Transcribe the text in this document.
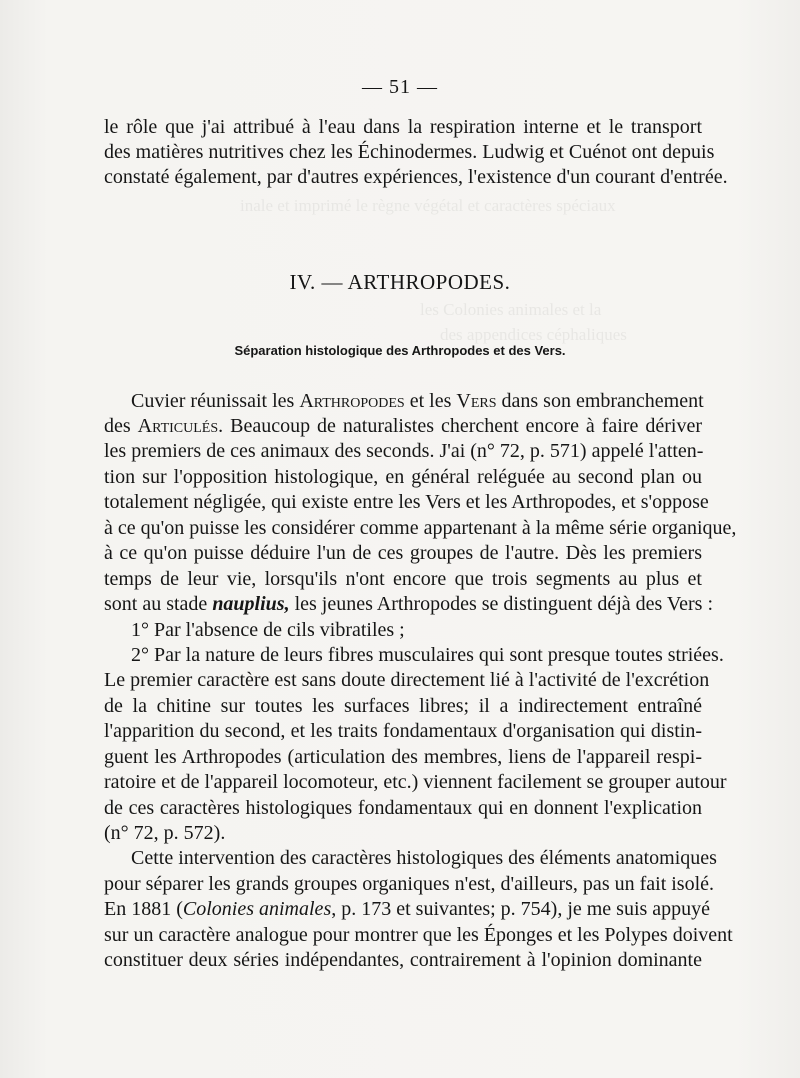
inale et imprimé le règne végétal et caractères spéciaux
les Colonies animales et la
des appendices céphaliques
— 51 —
le rôle que j'ai attribué à l'eau dans la respiration interne et le transport
des matières nutritives chez les Échinodermes. Ludwig et Cuénot ont depuis
constaté également, par d'autres expériences, l'existence d'un courant d'entrée.
IV. — ARTHROPODES.
Séparation histologique des Arthropodes et des Vers.
Cuvier réunissait les Arthropodes et les Vers dans son embranchement
des Articulés. Beaucoup de naturalistes cherchent encore à faire dériver
les premiers de ces animaux des seconds. J'ai (n° 72, p. 571) appelé l'atten-
tion sur l'opposition histologique, en général reléguée au second plan ou
totalement négligée, qui existe entre les Vers et les Arthropodes, et s'oppose
à ce qu'on puisse les considérer comme appartenant à la même série organique,
à ce qu'on puisse déduire l'un de ces groupes de l'autre. Dès les premiers
temps de leur vie, lorsqu'ils n'ont encore que trois segments au plus et
sont au stade nauplius, les jeunes Arthropodes se distinguent déjà des Vers :
1° Par l'absence de cils vibratiles ;
2° Par la nature de leurs fibres musculaires qui sont presque toutes striées.
Le premier caractère est sans doute directement lié à l'activité de l'excrétion
de la chitine sur toutes les surfaces libres; il a indirectement entraîné
l'apparition du second, et les traits fondamentaux d'organisation qui distin-
guent les Arthropodes (articulation des membres, liens de l'appareil respi-
ratoire et de l'appareil locomoteur, etc.) viennent facilement se grouper autour
de ces caractères histologiques fondamentaux qui en donnent l'explication
(n° 72, p. 572).
Cette intervention des caractères histologiques des éléments anatomiques
pour séparer les grands groupes organiques n'est, d'ailleurs, pas un fait isolé.
En 1881 (Colonies animales, p. 173 et suivantes; p. 754), je me suis appuyé
sur un caractère analogue pour montrer que les Éponges et les Polypes doivent
constituer deux séries indépendantes, contrairement à l'opinion dominante
